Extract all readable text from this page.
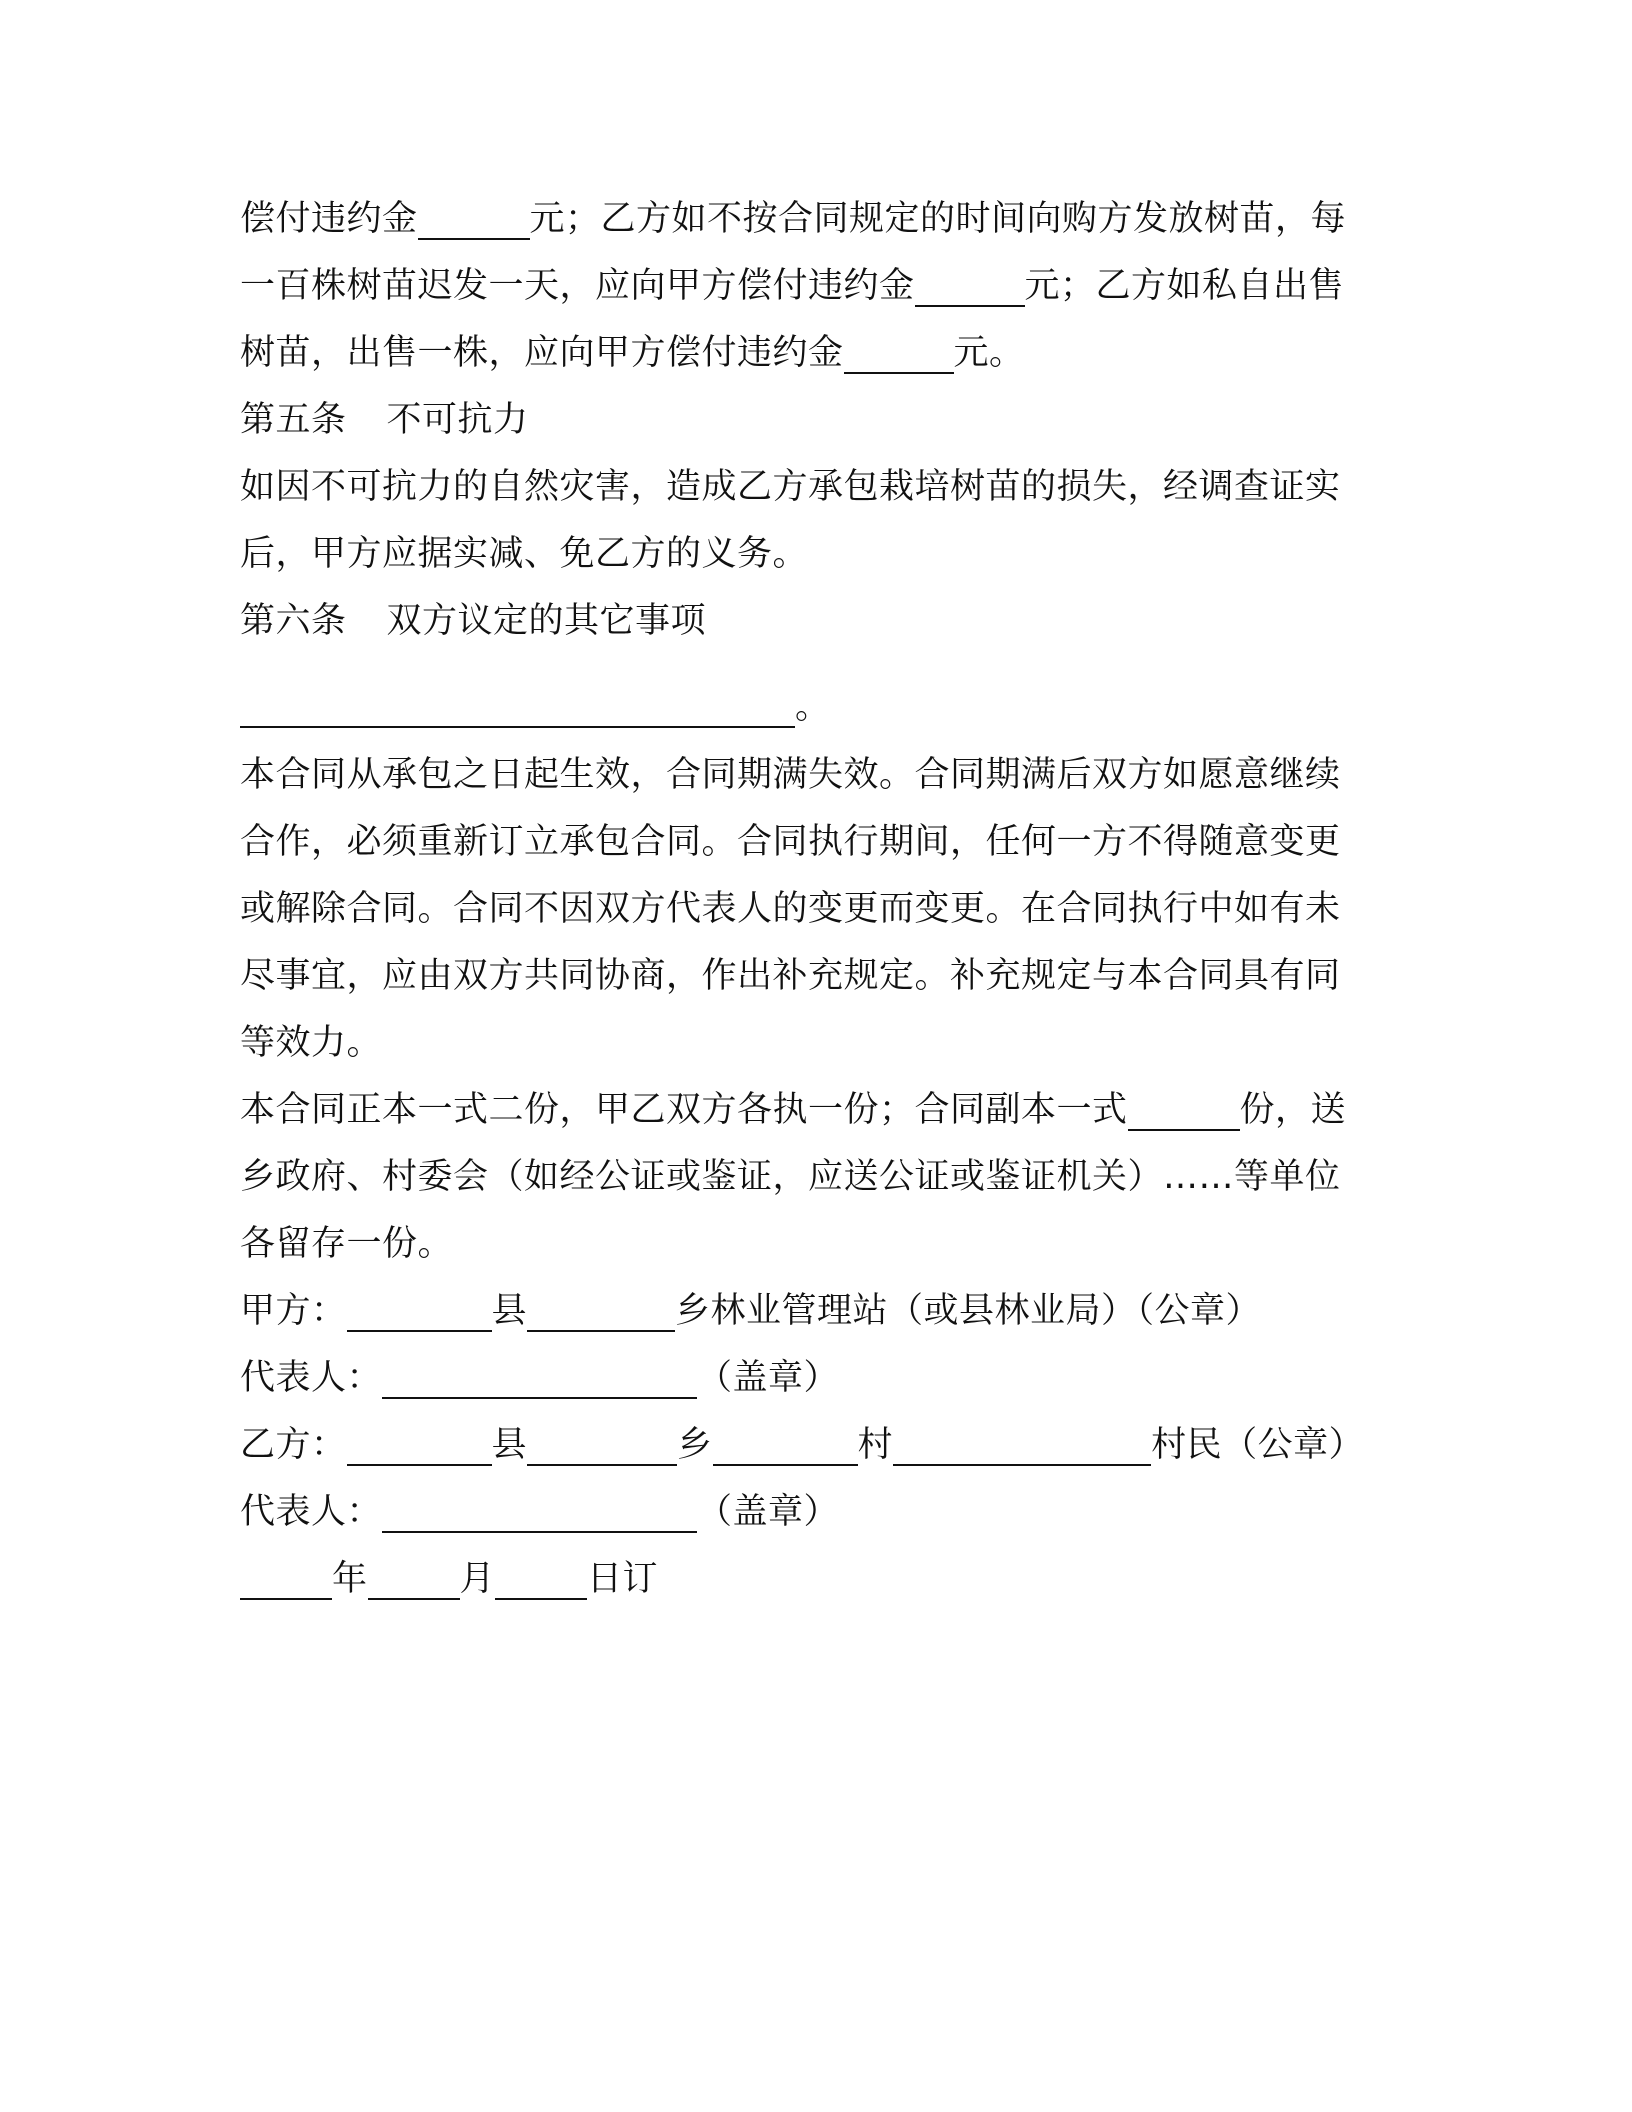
偿付违约金	元；乙方如不按合同规定的时间向购方发放树苗，每
一百株树苗迟发一天，应向甲方偿付违约金	元；乙方如私自出售
树苗，出售一株，应向甲方偿付违约金	元。
第五条 不可抗力
如因不可抗力的自然灾害，造成乙方承包栽培树苗的损失，经调查证实
后，甲方应据实减、免乙方的义务。
第六条 双方议定的其它事项
。
本合同从承包之日起生效，合同期满失效。合同期满后双方如愿意继续
合作，必须重新订立承包合同。合同执行期间，任何一方不得随意变更
或解除合同。合同不因双方代表人的变更而变更。在合同执行中如有未
尽事宜，应由双方共同协商，作出补充规定。补充规定与本合同具有同
等效力。
本合同正本一式二份，甲乙双方各执一份；合同副本一式	份，送
乡政府、村委会（如经公证或鉴证，应送公证或鉴证机关）……等单位
各留存一份。
甲方：	县	乡林业管理站（或县林业局）（公章）
代表人：	（盖章）
乙方：	县	乡	村	村民（公章）
代表人：	（盖章）
年	月	日订
